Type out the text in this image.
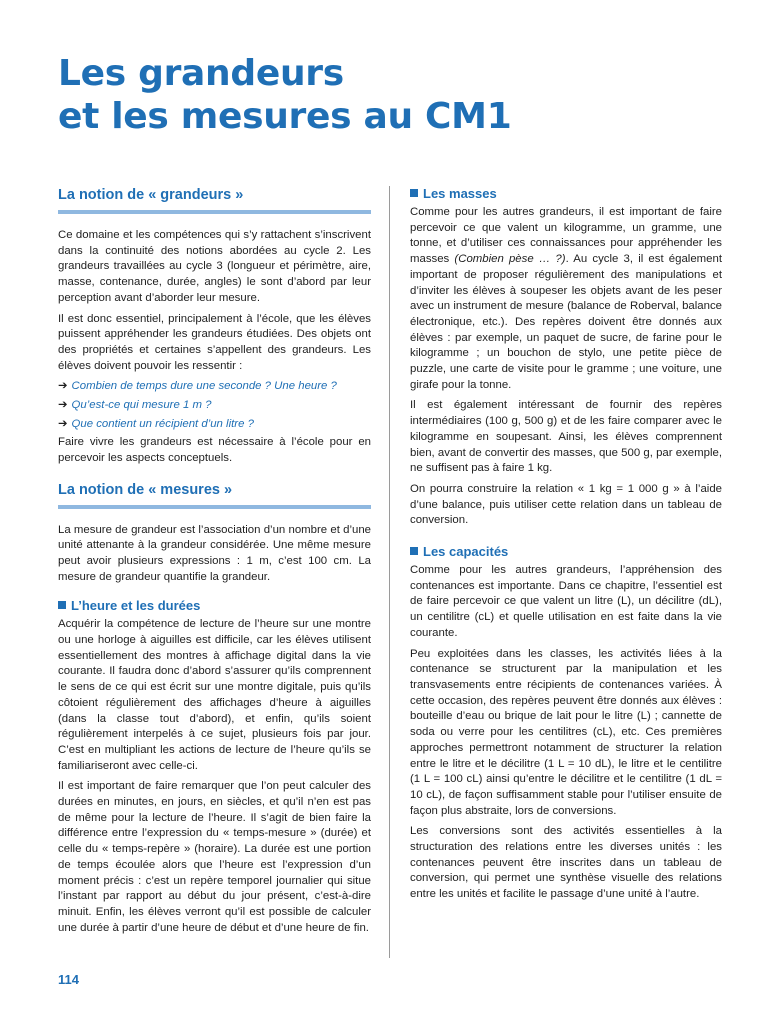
Les grandeurs
et les mesures au CM1
La notion de « grandeurs »

Ce domaine et les compétences qui s’y rattachent s’inscrivent dans la continuité des notions abordées au cycle 2. Les grandeurs travaillées au cycle 3 (longueur et périmètre, aire, masse, contenance, durée, angles) le sont d’abord par leur perception avant d’aborder leur mesure.

Il est donc essentiel, principalement à l’école, que les élèves puissent appréhender les grandeurs étudiées. Des objets ont des propriétés et certaines s’appellent des grandeurs. Les élèves doivent pouvoir les ressentir :

➔ Combien de temps dure une seconde ? Une heure ?
➔ Qu’est-ce qui mesure 1 m ?
➔ Que contient un récipient d’un litre ?

Faire vivre les grandeurs est nécessaire à l’école pour en percevoir les aspects conceptuels.

La notion de « mesures »

La mesure de grandeur est l’association d’un nombre et d’une unité attenante à la grandeur considérée. Une même mesure peut avoir plusieurs expressions : 1 m, c’est 100 cm. La mesure de grandeur quantifie la grandeur.

L’heure et les durées

Acquérir la compétence de lecture de l’heure sur une montre ou une horloge à aiguilles est difficile, car les élèves utilisent essentiellement des montres à affichage digital dans la vie courante. Il faudra donc d’abord s’assurer qu’ils comprennent le sens de ce qui est écrit sur une montre digitale, puis qu’ils côtoient régulièrement des affichages d’heure à aiguilles (dans la classe tout d’abord), et enfin, qu’ils soient régulièrement interpelés à ce sujet, plusieurs fois par jour. C’est en multipliant les actions de lecture de l’heure qu’ils se familiariseront avec celle-ci.

Il est important de faire remarquer que l’on peut calculer des durées en minutes, en jours, en siècles, et qu’il n’en est pas de même pour la lecture de l’heure. Il s’agit de bien faire la différence entre l’expression du « temps-mesure » (durée) et celle du « temps-repère » (horaire). La durée est une portion de temps écoulée alors que l’heure est l’expression d’un moment précis : c’est un repère temporel journalier qui situe l’instant par rapport au début du jour présent, c’est-à-dire minuit. Enfin, les élèves verront qu’il est possible de calculer une durée à partir d’une heure de début et d’une heure de fin.

Les masses

Comme pour les autres grandeurs, il est important de faire percevoir ce que valent un kilogramme, un gramme, une tonne, et d’utiliser ces connaissances pour appréhender les masses (Combien pèse … ?). Au cycle 3, il est également important de proposer régulièrement des manipulations et d’inviter les élèves à soupeser les objets avant de les peser avec un instrument de mesure (balance de Roberval, balance électronique, etc.). Des repères doivent être donnés aux élèves : par exemple, un paquet de sucre, de farine pour le kilogramme ; un bouchon de stylo, une petite pièce de puzzle, une carte de visite pour le gramme ; une voiture, une girafe pour la tonne.

Il est également intéressant de fournir des repères intermédiaires (100 g, 500 g) et de les faire comparer avec le kilogramme en soupesant. Ainsi, les élèves comprennent bien, avant de convertir des masses, que 500 g, par exemple, ne suffisent pas à faire 1 kg.

On pourra construire la relation « 1 kg = 1 000 g » à l’aide d’une balance, puis utiliser cette relation dans un tableau de conversion.

Les capacités

Comme pour les autres grandeurs, l’appréhension des contenances est importante. Dans ce chapitre, l’essentiel est de faire percevoir ce que valent un litre (L), un décilitre (dL), un centilitre (cL) et quelle utilisation en est faite dans la vie courante.

Peu exploitées dans les classes, les activités liées à la contenance se structurent par la manipulation et les transvasements entre récipients de contenances variées. À cette occasion, des repères peuvent être donnés aux élèves : bouteille d’eau ou brique de lait pour le litre (L) ; cannette de soda ou verre pour les centilitres (cL), etc. Ces premières approches permettront notamment de structurer la relation entre le litre et le décilitre (1 L = 10 dL), le litre et le centilitre (1 L = 100 cL) ainsi qu’entre le décilitre et le centilitre (1 dL = 10 cL), de façon suffisamment stable pour l’utiliser ensuite de façon plus abstraite, lors de conversions.

Les conversions sont des activités essentielles à la structuration des relations entre les diverses unités : les contenances peuvent être inscrites dans un tableau de conversion, qui permet une synthèse visuelle des relations entre les unités et facilite le passage d’une unité à l’autre.

114
